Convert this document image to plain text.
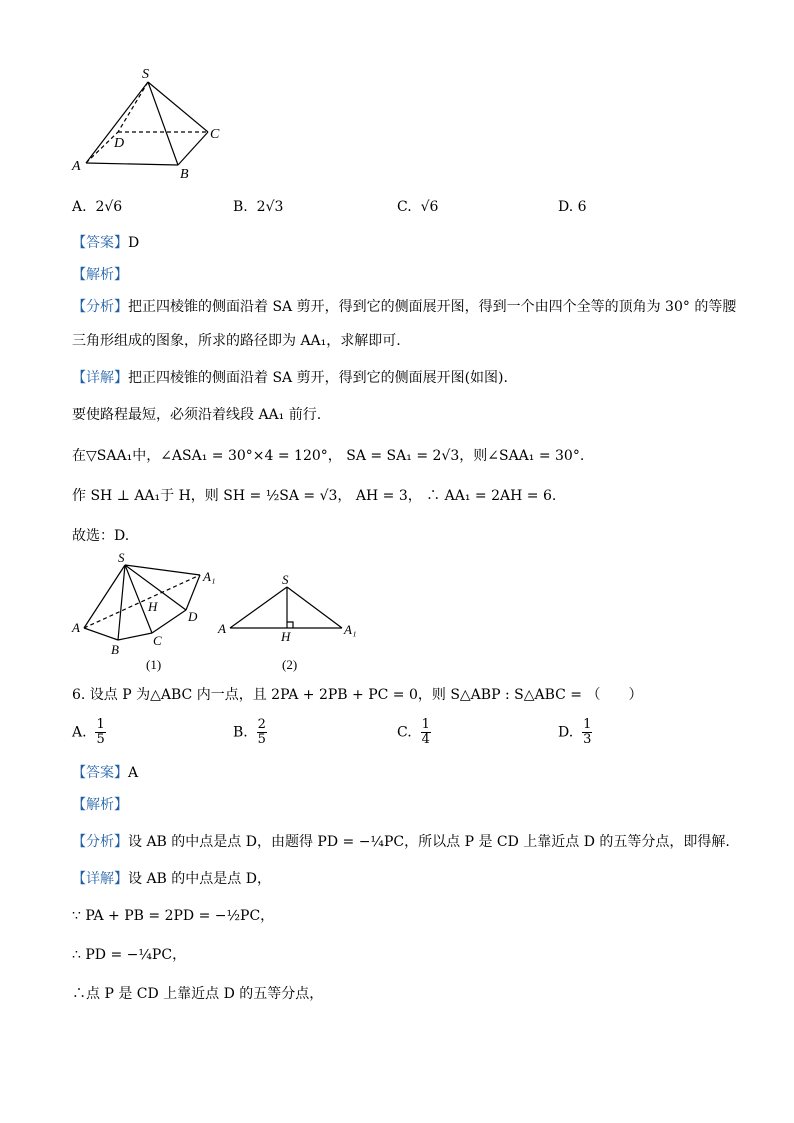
S
A
B
C
D
A. 2√6	B. 2√3	C. √6	D. 6
【答案】D
【解析】
【分析】把正四棱锥的侧面沿着 SA 剪开，得到它的侧面展开图，得到一个由四个全等的顶角为 30° 的等腰
三角形组成的图象，所求的路径即为 AA₁，求解即可.
【详解】把正四棱锥的侧面沿着 SA 剪开，得到它的侧面展开图(如图).
要使路程最短，必须沿着线段 AA₁ 前行.
在▽SAA₁中，∠ASA₁ = 30°×4 = 120°， SA = SA₁ = 2√3，则∠SAA₁ = 30°.
作 SH ⊥ AA₁于 H，则 SH = ½SA = √3， AH = 3， ∴ AA₁ = 2AH = 6.
故选：D.
S
A₁
H
D
A
B
C
(1)
S
A
H	A₁
(2)
6. 设点 P 为△ABC 内一点，且 2PA + 2PB + PC = 0，则 S△ABP : S△ABC = （　　）
A. $\frac{1}{5}$	B. $\frac{2}{5}$	C. $\frac{1}{4}$	D. $\frac{1}{3}$
【答案】A
【解析】
【分析】设 AB 的中点是点 D，由题得 PD = −¼PC，所以点 P 是 CD 上靠近点 D 的五等分点，即得解.
【详解】设 AB 的中点是点 D，
∵ PA + PB = 2PD = −½PC，
∴ PD = −¼PC，
∴点 P 是 CD 上靠近点 D 的五等分点，
